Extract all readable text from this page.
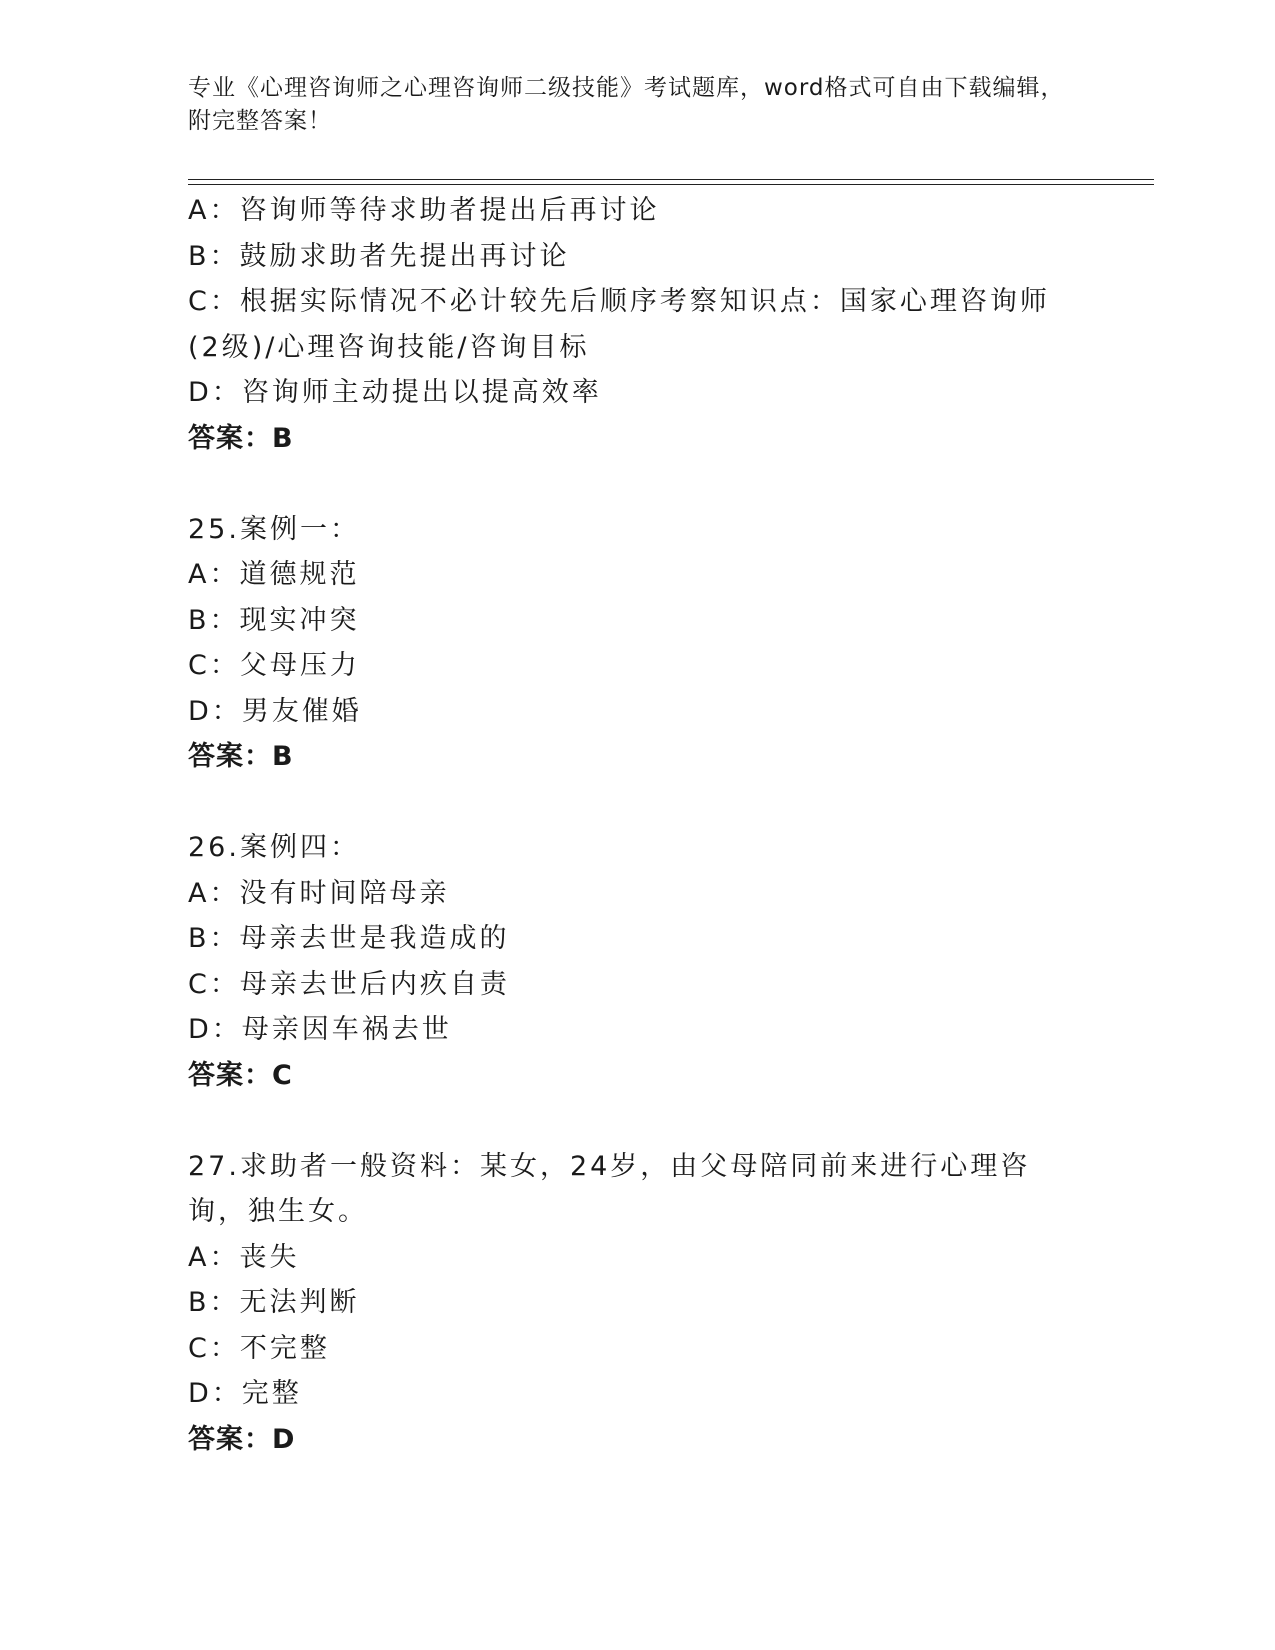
专业《心理咨询师之心理咨询师二级技能》考试题库，word格式可自由下载编辑，附完整答案！
A：咨询师等待求助者提出后再讨论
B：鼓励求助者先提出再讨论
C：根据实际情况不必计较先后顺序考察知识点：国家心理咨询师(2级)/心理咨询技能/咨询目标
D：咨询师主动提出以提高效率
答案：B
25.案例一：
A：道德规范
B：现实冲突
C：父母压力
D：男友催婚
答案：B
26.案例四：
A：没有时间陪母亲
B：母亲去世是我造成的
C：母亲去世后内疚自责
D：母亲因车祸去世
答案：C
27.求助者一般资料：某女，24岁，由父母陪同前来进行心理咨询，独生女。
A：丧失
B：无法判断
C：不完整
D：完整
答案：D
